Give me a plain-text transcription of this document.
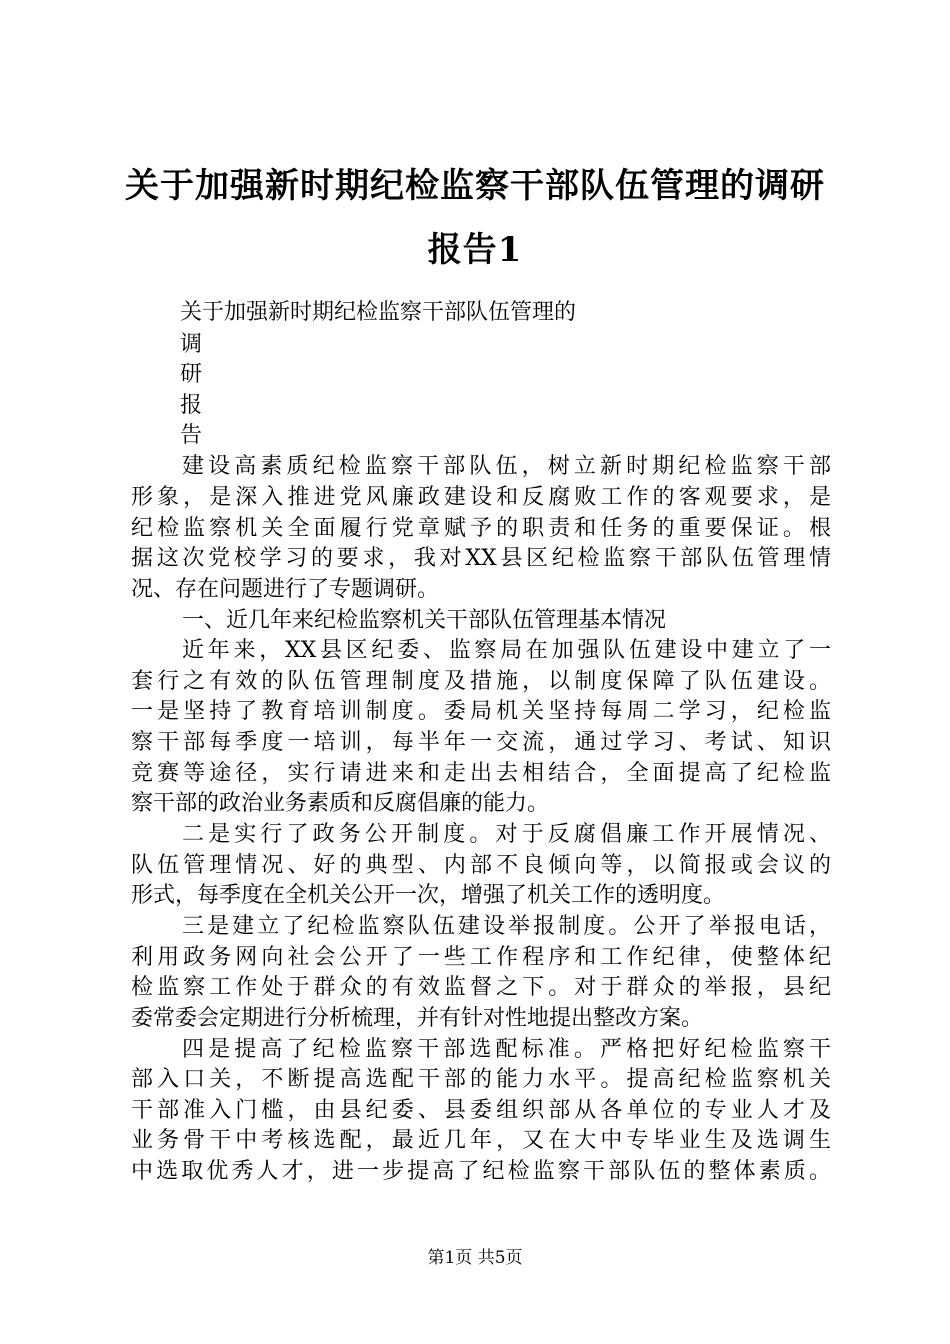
关于加强新时期纪检监察干部队伍管理的调研
报告1

关于加强新时期纪检监察干部队伍管理的

调

研

报

告

建设高素质纪检监察干部队伍，树立新时期纪检监察干部

形象，是深入推进党风廉政建设和反腐败工作的客观要求，是

纪检监察机关全面履行党章赋予的职责和任务的重要保证。根

据这次党校学习的要求，我对XX县区纪检监察干部队伍管理情

况、存在问题进行了专题调研。

一、近几年来纪检监察机关干部队伍管理基本情况

近年来，XX县区纪委、监察局在加强队伍建设中建立了一

套行之有效的队伍管理制度及措施，以制度保障了队伍建设。

一是坚持了教育培训制度。委局机关坚持每周二学习，纪检监

察干部每季度一培训，每半年一交流，通过学习、考试、知识

竞赛等途径，实行请进来和走出去相结合，全面提高了纪检监

察干部的政治业务素质和反腐倡廉的能力。

二是实行了政务公开制度。对于反腐倡廉工作开展情况、

队伍管理情况、好的典型、内部不良倾向等，以简报或会议的

形式，每季度在全机关公开一次，增强了机关工作的透明度。

三是建立了纪检监察队伍建设举报制度。公开了举报电话，

利用政务网向社会公开了一些工作程序和工作纪律，使整体纪

检监察工作处于群众的有效监督之下。对于群众的举报，县纪

委常委会定期进行分析梳理，并有针对性地提出整改方案。

四是提高了纪检监察干部选配标准。严格把好纪检监察干

部入口关，不断提高选配干部的能力水平。提高纪检监察机关

干部准入门槛，由县纪委、县委组织部从各单位的专业人才及

业务骨干中考核选配，最近几年，又在大中专毕业生及选调生

中选取优秀人才，进一步提高了纪检监察干部队伍的整体素质。

第1页 共5页
